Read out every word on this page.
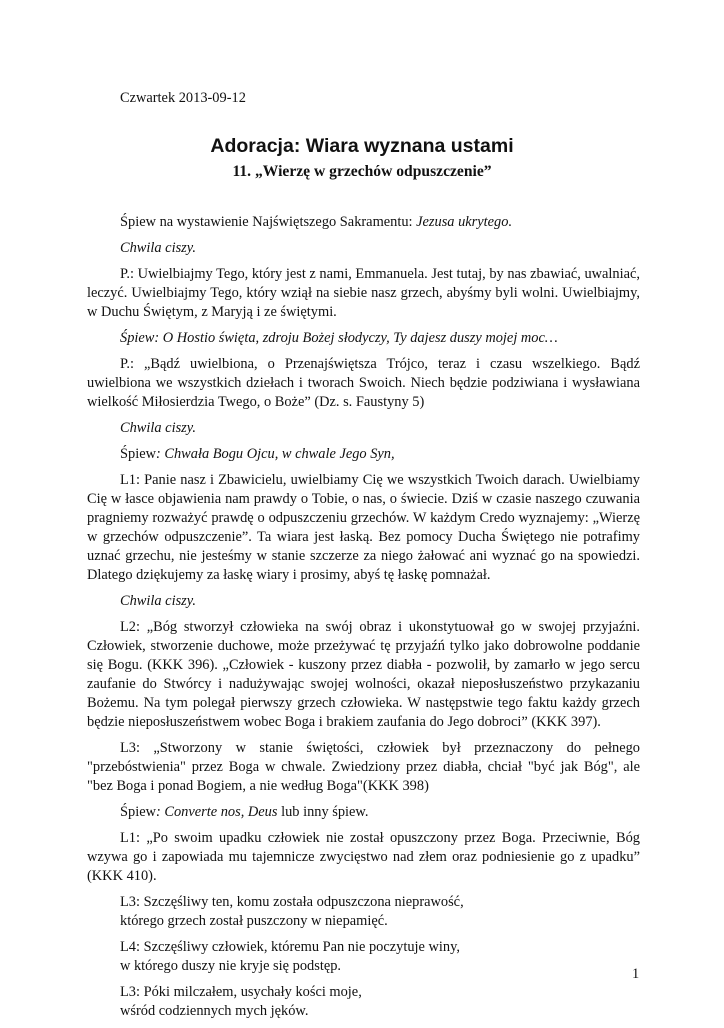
Czwartek 2013-09-12
Adoracja: Wiara wyznana ustami
11. „Wierzę w grzechów odpuszczenie”

Śpiew na wystawienie Najświętszego Sakramentu: Jezusa ukrytego.

Chwila ciszy.

P.: Uwielbiajmy Tego, który jest z nami, Emmanuela. Jest tutaj, by nas zbawiać, uwalniać, leczyć. Uwielbiajmy Tego, który wziął na siebie nasz grzech, abyśmy byli wolni. Uwielbiajmy, w Duchu Świętym, z Maryją i ze świętymi.

Śpiew: O Hostio święta, zdroju Bożej słodyczy, Ty dajesz duszy mojej moc…

P.: „Bądź uwielbiona, o Przenajświętsza Trójco, teraz i czasu wszelkiego. Bądź uwielbiona we wszystkich dziełach i tworach Swoich. Niech będzie podziwiana i wysławiana wielkość Miłosierdzia Twego, o Boże” (Dz. s. Faustyny 5)

Chwila ciszy.

Śpiew: Chwała Bogu Ojcu, w chwale Jego Syn,

L1: Panie nasz i Zbawicielu, uwielbiamy Cię we wszystkich Twoich darach. Uwielbiamy Cię w łasce objawienia nam prawdy o Tobie, o nas, o świecie. Dziś w czasie naszego czuwania pragniemy rozważyć prawdę o odpuszczeniu grzechów. W każdym Credo wyznajemy: „Wierzę w grzechów odpuszczenie”. Ta wiara jest łaską. Bez pomocy Ducha Świętego nie potrafimy uznać grzechu, nie jesteśmy w stanie szczerze za niego żałować ani wyznać go na spowiedzi. Dlatego dziękujemy za łaskę wiary i prosimy, abyś tę łaskę pomnażał.

Chwila ciszy.

L2: „Bóg stworzył człowieka na swój obraz i ukonstytuował go w swojej przyjaźni. Człowiek, stworzenie duchowe, może przeżywać tę przyjaźń tylko jako dobrowolne poddanie się Bogu. (KKK 396). „Człowiek - kuszony przez diabła - pozwolił, by zamarło w jego sercu zaufanie do Stwórcy i nadużywając swojej wolności, okazał nieposłuszeństwo przykazaniu Bożemu. Na tym polegał pierwszy grzech człowieka. W następstwie tego faktu każdy grzech będzie nieposłuszeństwem wobec Boga i brakiem zaufania do Jego dobroci” (KKK 397).

L3: „Stworzony w stanie świętości, człowiek był przeznaczony do pełnego "przebóstwienia" przez Boga w chwale. Zwiedziony przez diabła, chciał "być jak Bóg", ale "bez Boga i ponad Bogiem, a nie według Boga"(KKK 398)

Śpiew: Converte nos, Deus lub inny śpiew.

L1: „Po swoim upadku człowiek nie został opuszczony przez Boga. Przeciwnie, Bóg wzywa go i zapowiada mu tajemnicze zwycięstwo nad złem oraz podniesienie go z upadku” (KKK 410).

L3: Szczęśliwy ten, komu została odpuszczona nieprawość,
którego grzech został puszczony w niepamięć.
L4: Szczęśliwy człowiek, któremu Pan nie poczytuje winy,
w którego duszy nie kryje się podstęp.
L3: Póki milczałem, usychały kości moje,
wśród codziennych mych jęków.
1
